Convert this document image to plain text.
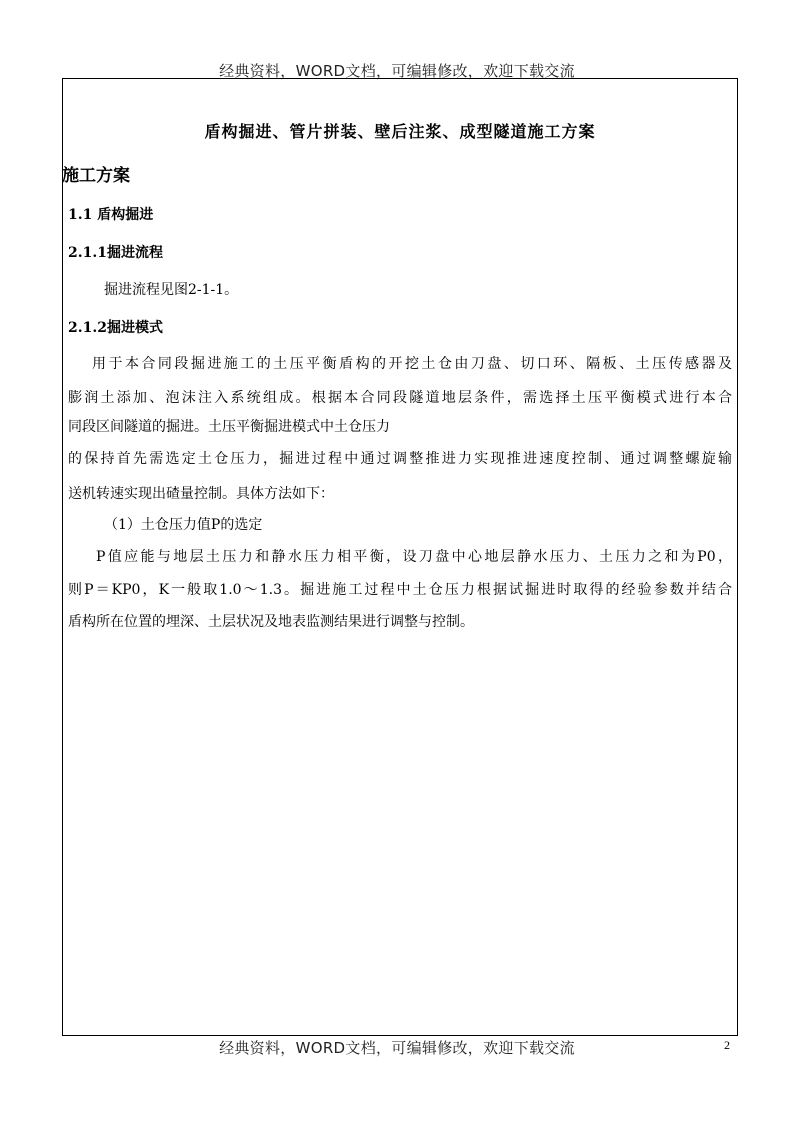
经典资料，WORD文档，可编辑修改，欢迎下载交流
盾构掘进、管片拼装、壁后注浆、成型隧道施工方案
施工方案
1.1 盾构掘进
2.1.1掘进流程
掘进流程见图2-1-1。
2.1.2掘进模式
用于本合同段掘进施工的土压平衡盾构的开挖土仓由刀盘、切口环、隔板、土压传感器及
膨润土添加、泡沫注入系统组成。根据本合同段隧道地层条件，需选择土压平衡模式进行本合
同段区间隧道的掘进。土压平衡掘进模式中土仓压力
的保持首先需选定土仓压力，掘进过程中通过调整推进力实现推进速度控制、通过调整螺旋输
送机转速实现出碴量控制。具体方法如下：
（1）土仓压力值P的选定
P值应能与地层土压力和静水压力相平衡，设刀盘中心地层静水压力、土压力之和为P0，
则P＝KP0，K一般取1.0～1.3。掘进施工过程中土仓压力根据试掘进时取得的经验参数并结合
盾构所在位置的埋深、土层状况及地表监测结果进行调整与控制。
经典资料，WORD文档，可编辑修改，欢迎下载交流	2
